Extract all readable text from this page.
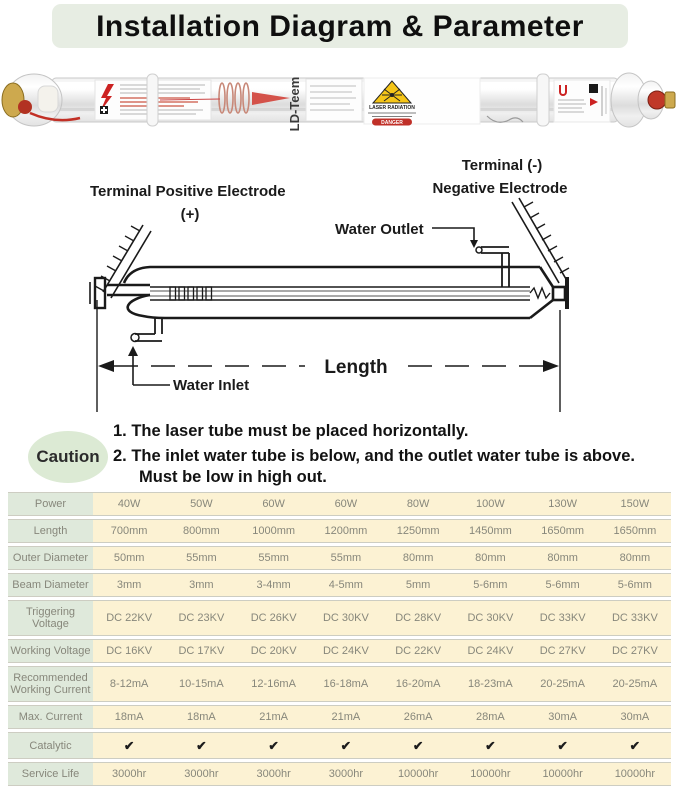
Installation Diagram & Parameter
LD-Teem	LASER RADIATION
DANGER
Terminal Positive Electrode
(+)
Terminal (-)
Negative Electrode
Water Outlet
Water Inlet
Length
Caution

1. The laser tube must be placed horizontally.

2. The inlet water tube is below, and the outlet water tube is above. Must be low in high out.

Power	40W	50W	60W	60W	80W	100W	130W	150W
Length	700mm	800mm	1000mm	1200mm	1250mm	1450mm	1650mm	1650mm
Outer Diameter	50mm	55mm	55mm	55mm	80mm	80mm	80mm	80mm
Beam Diameter	3mm	3mm	3-4mm	4-5mm	5mm	5-6mm	5-6mm	5-6mm
Triggering Voltage	DC 22KV	DC 23KV	DC 26KV	DC 30KV	DC 28KV	DC 30KV	DC 33KV	DC 33KV
Working Voltage	DC 16KV	DC 17KV	DC 20KV	DC 24KV	DC 22KV	DC 24KV	DC 27KV	DC 27KV
Recommended Working Current	8-12mA	10-15mA	12-16mA	16-18mA	16-20mA	18-23mA	20-25mA	20-25mA
Max. Current	18mA	18mA	21mA	21mA	26mA	28mA	30mA	30mA
Catalytic	✔	✔	✔	✔	✔	✔	✔	✔
Service Life	3000hr	3000hr	3000hr	3000hr	10000hr	10000hr	10000hr	10000hr
